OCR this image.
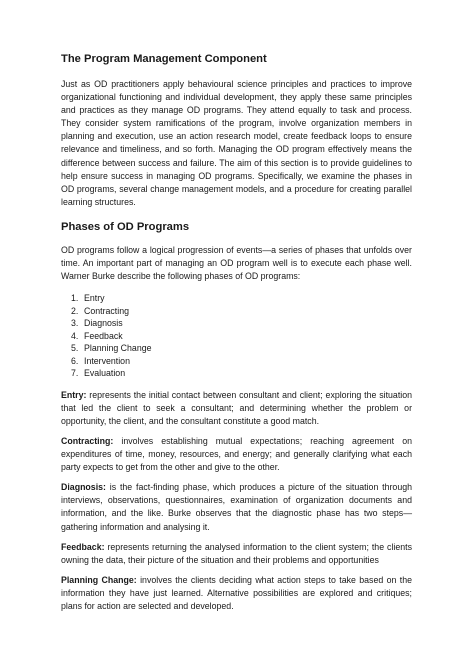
The Program Management Component

Just as OD practitioners apply behavioural science principles and practices to improve organizational functioning and individual development, they apply these same principles and practices as they manage OD programs. They attend equally to task and process. They consider system ramifications of the program, involve organization members in planning and execution, use an action research model, create feedback loops to ensure relevance and timeliness, and so forth. Managing the OD program effectively means the difference between success and failure. The aim of this section is to provide guidelines to help ensure success in managing OD programs. Specifically, we examine the phases in OD programs, several change management models, and a procedure for creating parallel learning structures.

Phases of OD Programs

OD programs follow a logical progression of events—a series of phases that unfolds over time. An important part of managing an OD program well is to execute each phase well. Warner Burke describe the following phases of OD programs:

Entry
Contracting
Diagnosis
Feedback
Planning Change
Intervention
Evaluation

Entry: represents the initial contact between consultant and client; exploring the situation that led the client to seek a consultant; and determining whether the problem or opportunity, the client, and the consultant constitute a good match.

Contracting: involves establishing mutual expectations; reaching agreement on expenditures of time, money, resources, and energy; and generally clarifying what each party expects to get from the other and give to the other.

Diagnosis: is the fact-finding phase, which produces a picture of the situation through interviews, observations, questionnaires, examination of organization documents and information, and the like. Burke observes that the diagnostic phase has two steps—gathering information and analysing it.

Feedback: represents returning the analysed information to the client system; the clients owning the data, their picture of the situation and their problems and opportunities

Planning Change: involves the clients deciding what action steps to take based on the information they have just learned. Alternative possibilities are explored and critiques; plans for action are selected and developed.
